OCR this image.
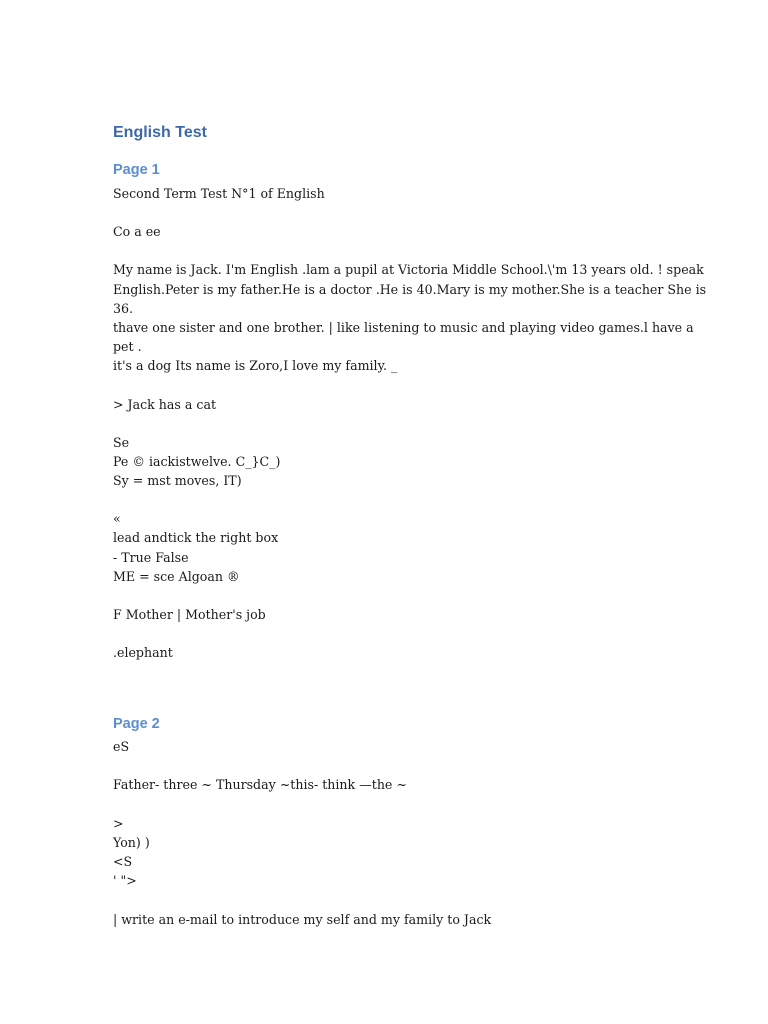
English Test
Page 1

Second Term Test N°1 of English

Co a ee

My name is Jack. I'm English .lam a pupil at Victoria Middle School.\'m 13 years old. ! speak

English.Peter is my father.He is a doctor .He is 40.Mary is my mother.She is a teacher She is

36.

thave one sister and one brother. | like listening to music and playing video games.l have a

pet .

it's a dog Its name is Zoro,I love my family. _

> Jack has a cat

Se

Pe © iackistwelve. C_}C_)

Sy = mst moves, IT)

«

lead andtick the right box

- True False

ME = sce Algoan ®

F Mother | Mother's job

.elephant

Page 2

eS

Father- three ~ Thursday ~this- think —the ~

>

Yon) )

<S

' ">

| write an e-mail to introduce my self and my family to Jack
